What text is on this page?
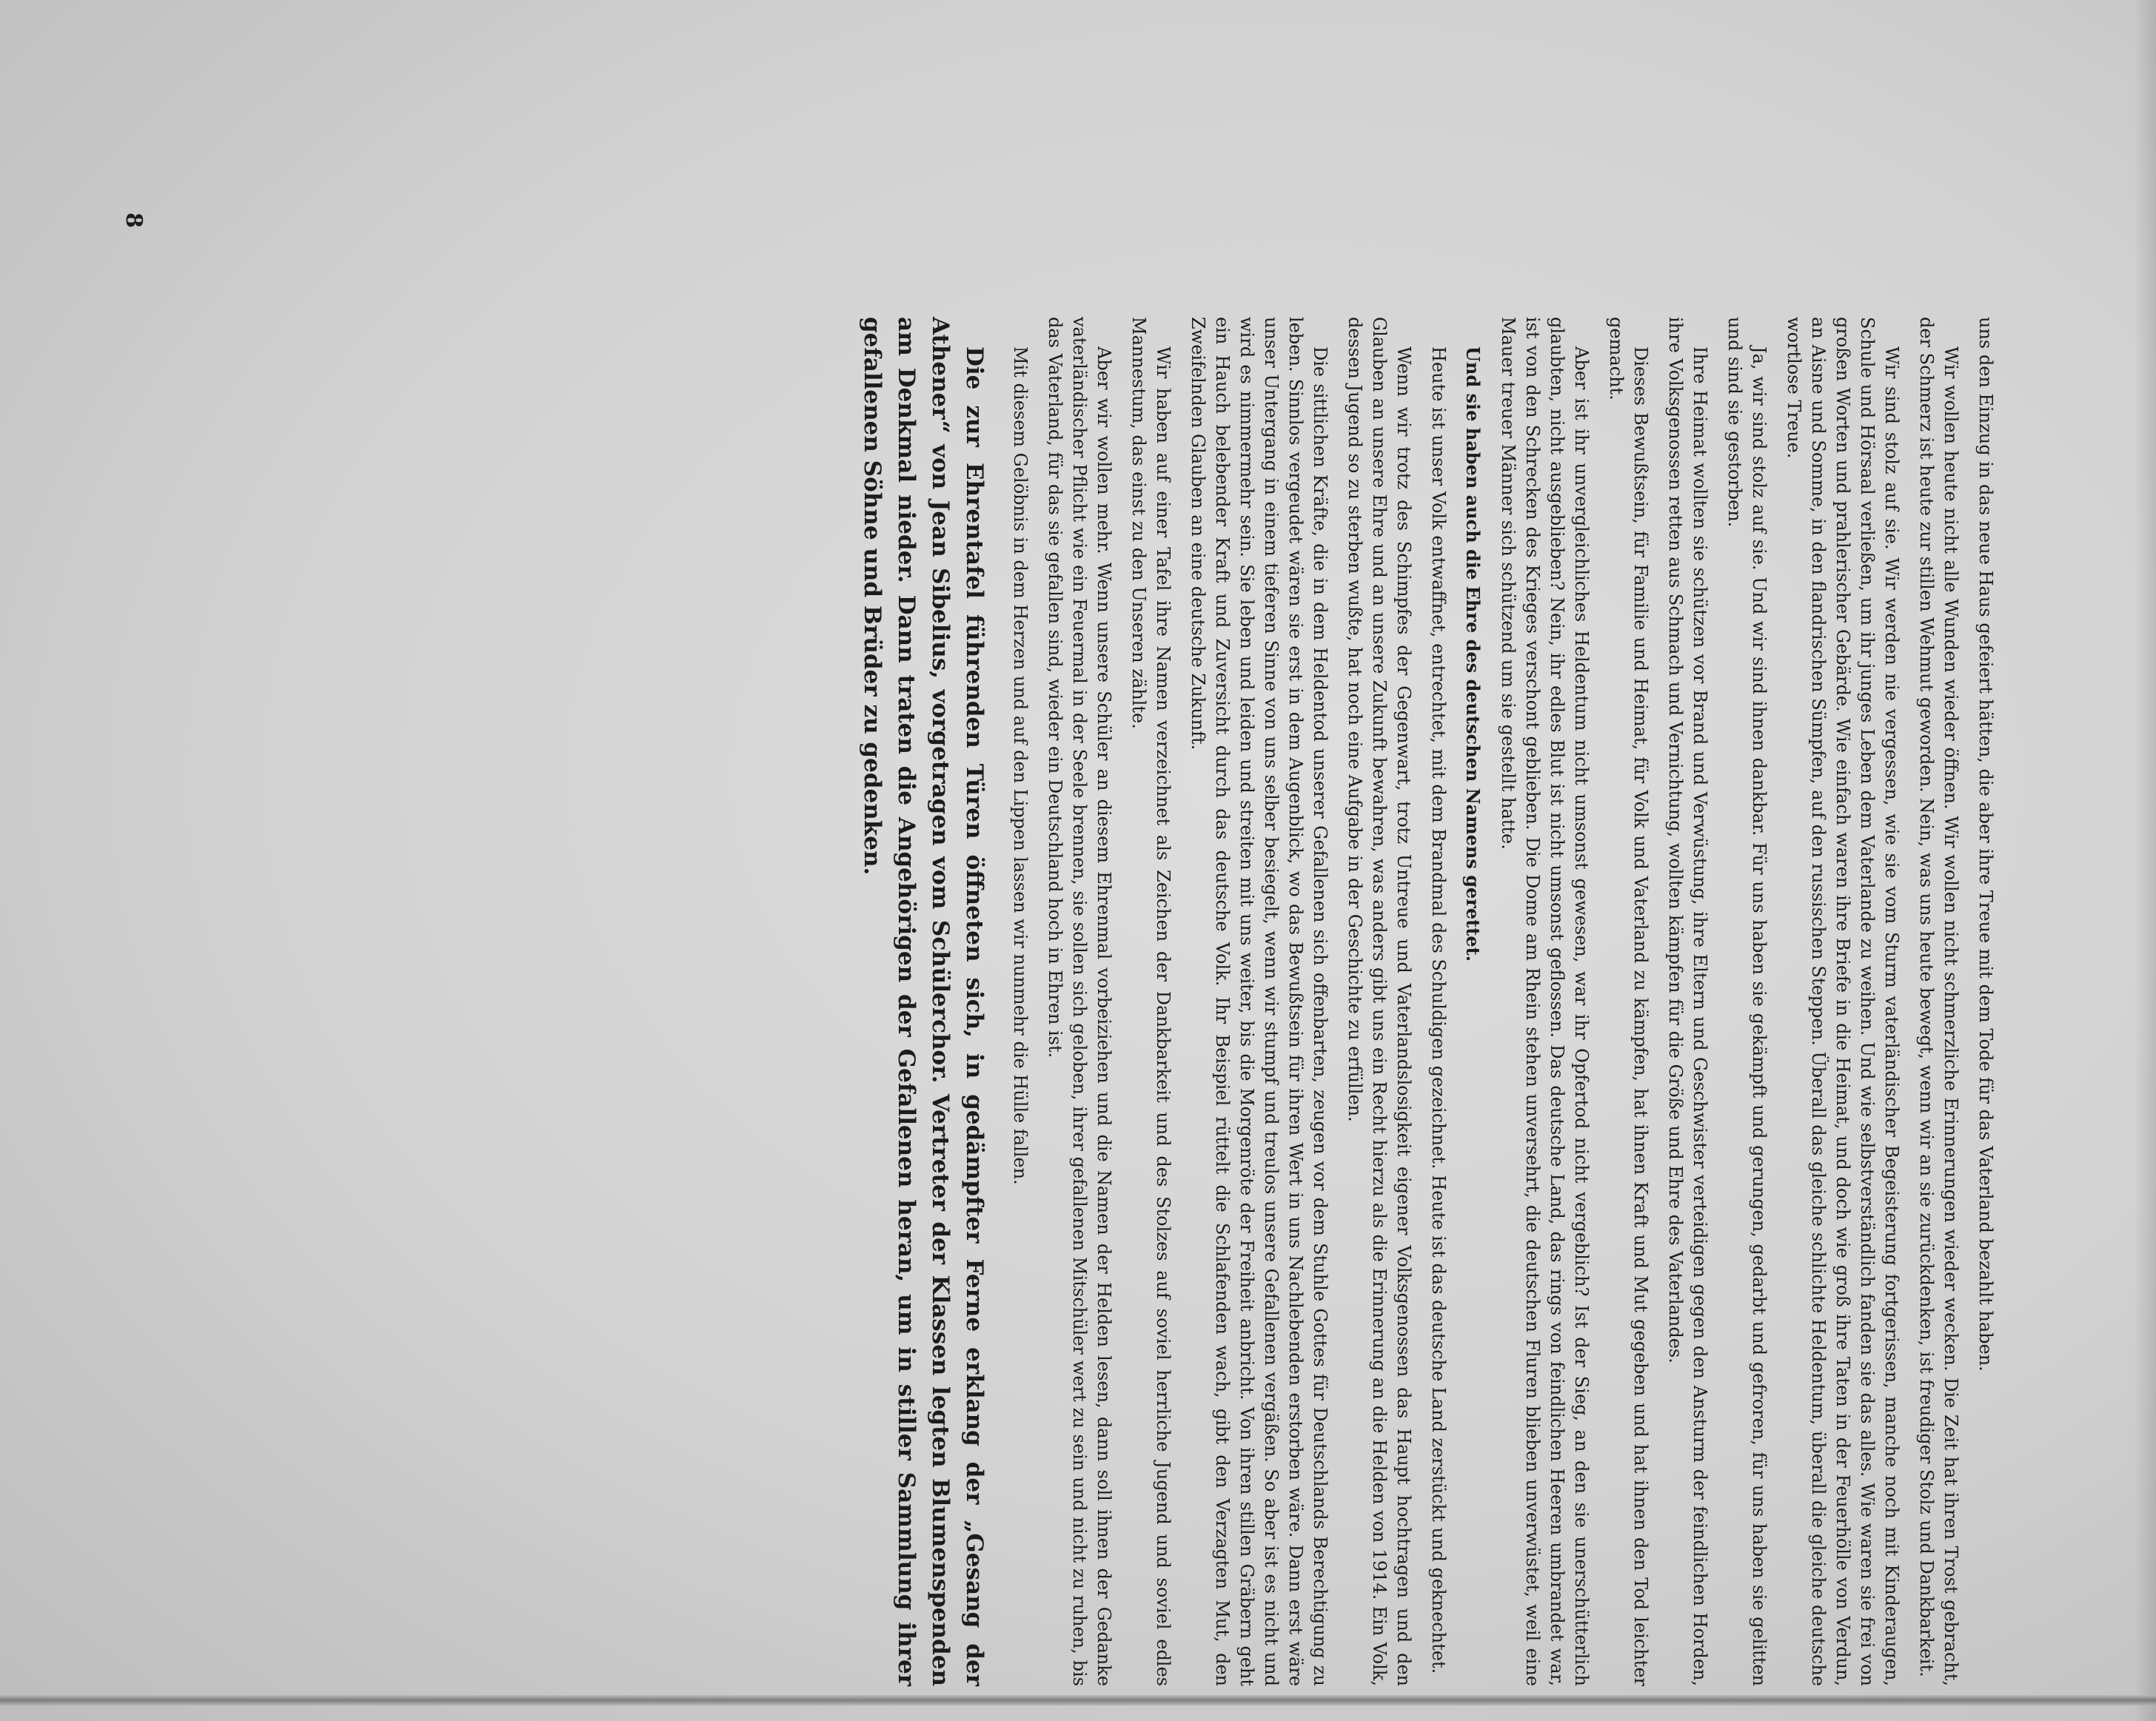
8

uns den Einzug in das neue Haus gefeiert hätten, die aber ihre Treue mit dem Tode für das Vaterland bezahlt haben.

Wir wollen heute nicht alle Wunden wieder öffnen. Wir wollen nicht schmerzliche Erinnerungen wieder wecken. Die Zeit hat ihren Trost gebracht, der Schmerz ist heute zur stillen Wehmut geworden. Nein, was uns heute bewegt, wenn wir an sie zurückdenken, ist freudiger Stolz und Dankbarkeit.

Wir sind stolz auf sie. Wir werden nie vergessen, wie sie vom Sturm vaterländischer Begeisterung fortgerissen, manche noch mit Kinderaugen, Schule und Hörsaal verließen, um ihr junges Leben dem Vaterlande zu weihen. Und wie selbstverständlich fanden sie das alles. Wie waren sie frei von großen Worten und prahlerischer Gebärde. Wie einfach waren ihre Briefe in die Heimat, und doch wie groß ihre Taten in der Feuerhölle von Verdun, an Aisne und Somme, in den flandrischen Sümpfen, auf den russischen Steppen. Überall das gleiche schlichte Heldentum, überall die gleiche deutsche wortlose Treue.

Ja, wir sind stolz auf sie. Und wir sind ihnen dankbar. Für uns haben sie gekämpft und gerungen, gedarbt und gefroren, für uns haben sie gelitten und sind sie gestorben.

Ihre Heimat wollten sie schützen vor Brand und Verwüstung, ihre Eltern und Geschwister verteidigen gegen den Ansturm der feindlichen Horden, ihre Volksgenossen retten aus Schmach und Vernichtung, wollten kämpfen für die Größe und Ehre des Vaterlandes.

Dieses Bewußtsein, für Familie und Heimat, für Volk und Vaterland zu kämpfen, hat ihnen Kraft und Mut gegeben und hat ihnen den Tod leichter gemacht.

Aber ist ihr unvergleichliches Heldentum nicht umsonst gewesen, war ihr Opfertod nicht vergeblich? Ist der Sieg, an den sie unerschütterlich glaubten, nicht ausgeblieben? Nein, ihr edles Blut ist nicht umsonst geflossen. Das deutsche Land, das rings von feindlichen Heeren umbrandet war, ist von den Schrecken des Krieges verschont geblieben. Die Dome am Rhein stehen unversehrt, die deutschen Fluren blieben unverwüstet, weil eine Mauer treuer Männer sich schützend um sie gestellt hatte.

Und sie haben auch die Ehre des deutschen Namens gerettet.

Heute ist unser Volk entwaffnet, entrechtet, mit dem Brandmal des Schuldigen gezeichnet. Heute ist das deutsche Land zerstückt und geknechtet.

Wenn wir trotz des Schimpfes der Gegenwart, trotz Untreue und Vaterlandslosigkeit eigener Volksgenossen das Haupt hochtragen und den Glauben an unsere Ehre und an unsere Zukunft bewahren, was anders gibt uns ein Recht hierzu als die Erinnerung an die Helden von 1914. Ein Volk, dessen Jugend so zu sterben wußte, hat noch eine Aufgabe in der Geschichte zu erfüllen.

Die sittlichen Kräfte, die in dem Heldentod unserer Gefallenen sich offenbarten, zeugen vor dem Stuhle Gottes für Deutschlands Berechtigung zu leben. Sinnlos vergeudet wären sie erst in dem Augenblick, wo das Bewußtsein für ihren Wert in uns Nachlebenden erstorben wäre. Dann erst wäre unser Untergang in einem tieferen Sinne von uns selber besiegelt, wenn wir stumpf und treulos unsere Gefallenen vergäßen. So aber ist es nicht und wird es nimmermehr sein. Sie leben und leiden und streiten mit uns weiter, bis die Morgenröte der Freiheit anbricht. Von ihren stillen Gräbern geht ein Hauch belebender Kraft und Zuversicht durch das deutsche Volk. Ihr Beispiel rüttelt die Schlafenden wach, gibt den Verzagten Mut, den Zweifelnden Glauben an eine deutsche Zukunft.

Wir haben auf einer Tafel ihre Namen verzeichnet als Zeichen der Dankbarkeit und des Stolzes auf soviel herrliche Jugend und soviel edles Mannestum, das einst zu den Unseren zählte.

Aber wir wollen mehr. Wenn unsere Schüler an diesem Ehrenmal vorbeiziehen und die Namen der Helden lesen, dann soll ihnen der Gedanke vaterländischer Pflicht wie ein Feuermal in der Seele brennen, sie sollen sich geloben, ihrer gefallenen Mitschüler wert zu sein und nicht zu ruhen, bis das Vaterland, für das sie gefallen sind, wieder ein Deutschland hoch in Ehren ist.

Mit diesem Gelöbnis in dem Herzen und auf den Lippen lassen wir nunmehr die Hülle fallen.

Die zur Ehrentafel führenden Türen öffneten sich, in gedämpfter Ferne erklang der „Gesang der Athener“ von Jean Sibelius, vorgetragen vom Schülerchor. Vertreter der Klassen legten Blumenspenden am Denkmal nieder. Dann traten die Angehörigen der Gefallenen heran, um in stiller Sammlung ihrer gefallenen Söhne und Brüder zu gedenken.
